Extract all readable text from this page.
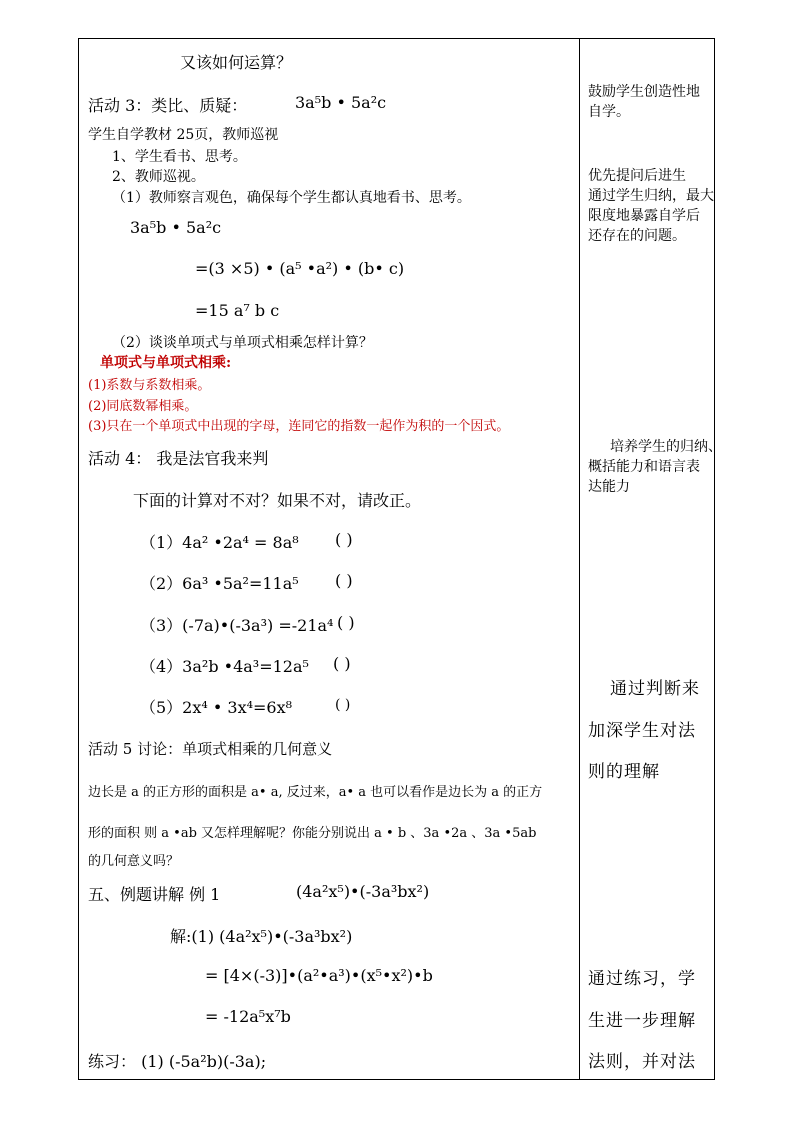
又该如何运算？
活动 3：类比、质疑：	3a⁵b • 5a²c
学生自学教材 25页，教师巡视
1、学生看书、思考。
2、教师巡视。
（1）教师察言观色，确保每个学生都认真地看书、思考。
3a⁵b • 5a²c
=(3 ×5) • (a⁵ •a²) • (b• c)
=15 a⁷ b c
（2）谈谈单项式与单项式相乘怎样计算？
单项式与单项式相乘:
(1)系数与系数相乘。
(2)同底数幂相乘。
(3)只在一个单项式中出现的字母，连同它的指数一起作为积的一个因式。
活动 4： 我是法官我来判
下面的计算对不对？如果不对，请改正。
（1）4a² •2a⁴ = 8a⁸ ( )
（2）6a³ •5a²=11a⁵ ( )
（3）(-7a)•(-3a³) =-21a⁴ ( )
（4）3a²b •4a³=12a⁵ ( )
（5）2x⁴ • 3x⁴=6x⁸	( )
活动 5 讨论：单项式相乘的几何意义
边长是 a 的正方形的面积是 a• a, 反过来，a• a 也可以看作是边长为 a 的正方
形的面积 则 a •ab 又怎样理解呢？你能分别说出 a • b 、3a •2a 、3a •5ab
的几何意义吗？
五、例题讲解 例 1	(4a²x⁵)•(-3a³bx²)
解:(1) (4a²x⁵)•(-3a³bx²)
= [4×(-3)]•(a²•a³)•(x⁵•x²)•b
= -12a⁵x⁷b
练习： (1) (-5a²b)(-3a);
鼓励学生创造性地
自学。
优先提问后进生
通过学生归纳，最大
限度地暴露自学后
还存在的问题。
培养学生的归纳、
概括能力和语言表
达能力
通过判断来
加深学生对法
则的理解
通过练习，学
生进一步理解
法则，并对法
